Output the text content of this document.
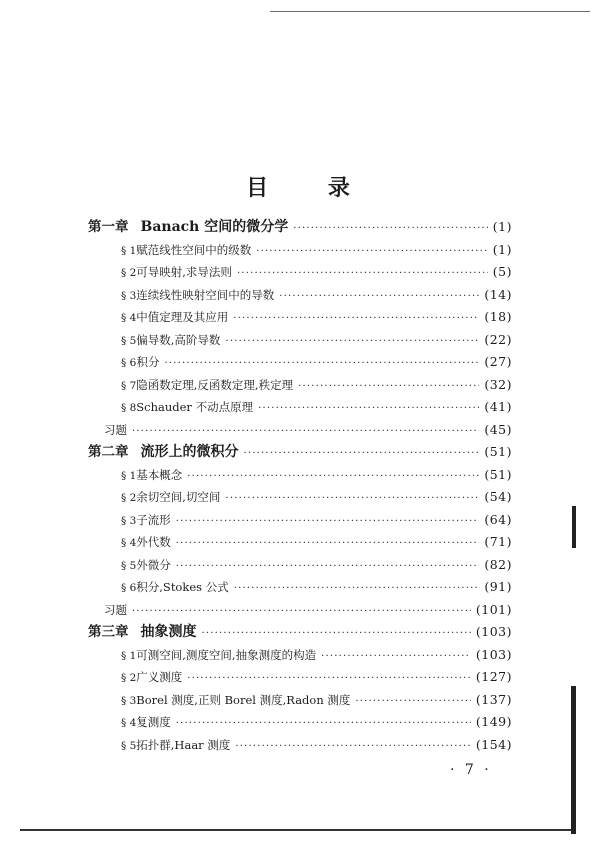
目 录
第一章 Banach 空间的微分学 ·····	(1)
§ 1 赋范线性空间中的级数 ·····	(1)
§ 2 可导映射,求导法则 ·····	(5)
§ 3 连续线性映射空间中的导数 ·····	(14)
§ 4 中值定理及其应用 ·····	(18)
§ 5 偏导数,高阶导数 ·····	(22)
§ 6 积分 ·····	(27)
§ 7 隐函数定理,反函数定理,秩定理 ·····	(32)
§ 8 Schauder 不动点原理 ·····	(41)
习题 ·····	(45)
第二章 流形上的微积分 ·····	(51)
§ 1 基本概念 ·····	(51)
§ 2 余切空间,切空间 ·····	(54)
§ 3 子流形 ·····	(64)
§ 4 外代数 ·····	(71)
§ 5 外微分 ·····	(82)
§ 6 积分,Stokes 公式 ·····	(91)
习题 ·····	(101)
第三章 抽象测度 ·····	(103)
§ 1 可测空间,测度空间,抽象测度的构造 ·····	(103)
§ 2 广义测度 ·····	(127)
§ 3 Borel 测度,正则 Borel 测度,Radon 测度 ·····	(137)
§ 4 复测度 ·····	(149)
§ 5 拓扑群,Haar 测度 ·····	(154)
· 7 ·
